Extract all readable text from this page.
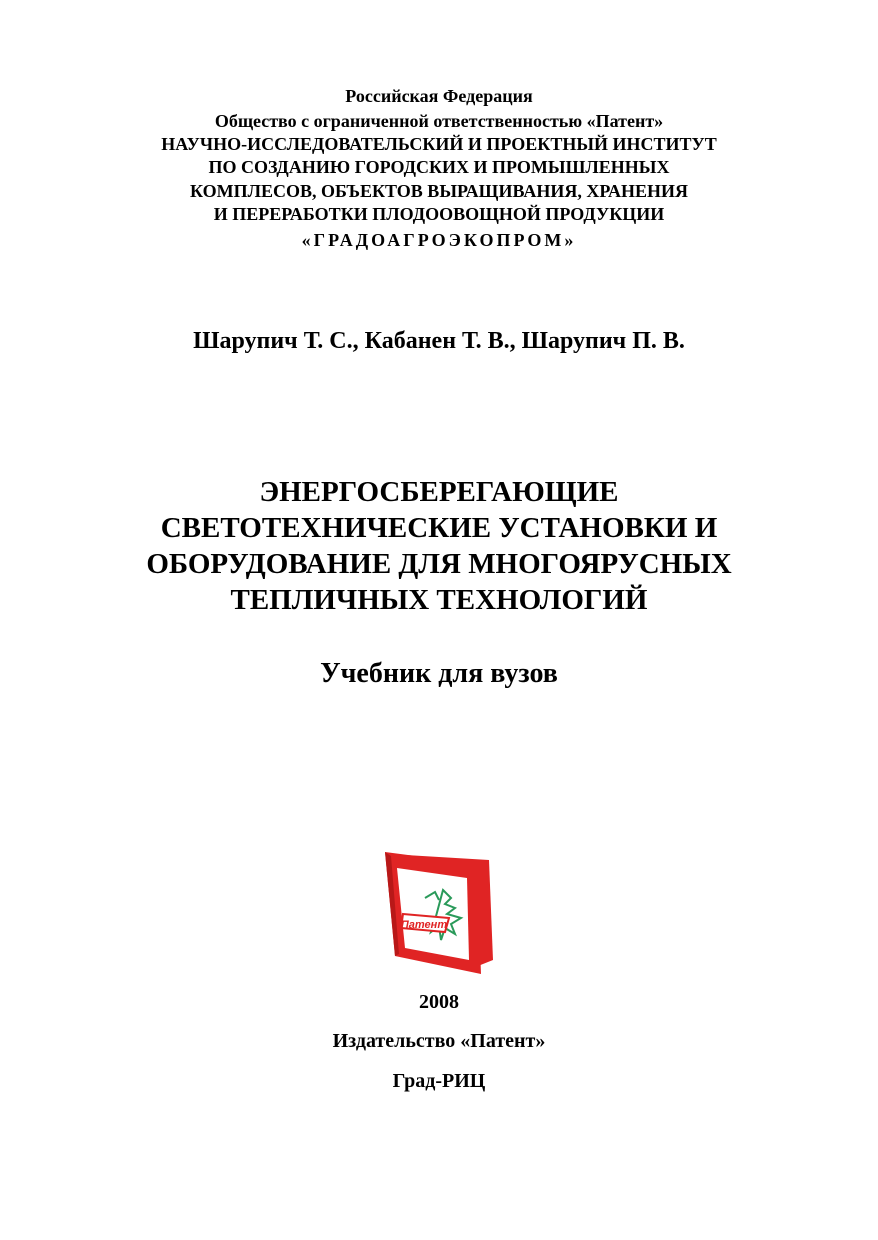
Российская Федерация
Общество с ограниченной ответственностью «Патент»
НАУЧНО-ИССЛЕДОВАТЕЛЬСКИЙ И ПРОЕКТНЫЙ ИНСТИТУТ
ПО СОЗДАНИЮ ГОРОДСКИХ И ПРОМЫШЛЕННЫХ
КОМПЛЕСОВ, ОБЪЕКТОВ ВЫРАЩИВАНИЯ, ХРАНЕНИЯ
И ПЕРЕРАБОТКИ ПЛОДООВОЩНОЙ ПРОДУКЦИИ
«ГРАДОАГРОЭКОПРОМ»
Шарупич Т. С., Кабанен Т. В., Шарупич П. В.
ЭНЕРГОСБЕРЕГАЮЩИЕ
СВЕТОТЕХНИЧЕСКИЕ УСТАНОВКИ И
ОБОРУДОВАНИЕ ДЛЯ МНОГОЯРУСНЫХ
ТЕПЛИЧНЫХ ТЕХНОЛОГИЙ
Учебник для вузов
Патент
2008
Издательство «Патент»
Град-РИЦ
